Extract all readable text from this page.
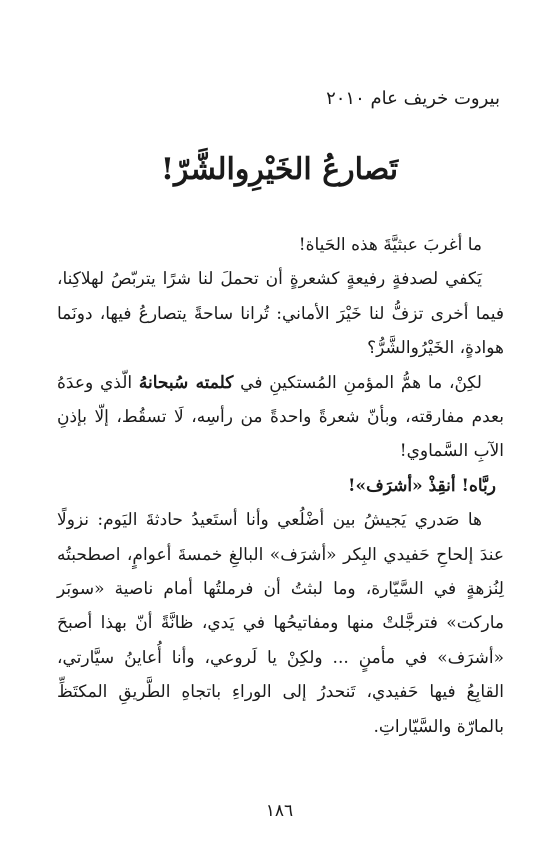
بيروت خريف عام ٢٠١٠
تَصارعُ الخَيْرِوالشَّرّ!

ما أغربَ عبثيَّةَ هذه الحَياة!

يَكفي لصدفةٍ رفيعةٍ كشعرةٍ أن تحملَ لنا شرًا يتربّصُ لهلاكِنا، فيما أخرى تزفُّ لنا خَيْرَ الأماني: تُرانا ساحةً يتصارعُ فيها، دونَما هوادةٍ، الخَيْرُوالشَّرُّ؟

لكِنْ، ما همُّ المؤمنِ المُستكينِ في كلمته سُبحانهُ الّذي وعدَهُ بعدم مفارقته، وبأنّ شعرةً واحدةً من رأسِه، لَا تسقُط، إلّا بإذنِ الآبِ السَّماوي!

ربَّاه! أنقِذْ «أشرَف»!

ها صَدري يَجيشُ بين أضْلُعي وأنا أستَعيدُ حادثةَ اليَوم: نزولًا عندَ إلحاحِ حَفيدي البِكر «أشرَف» البالغِ خمسةَ أعوامٍ، اصطحبتُه لِنُزهةٍ في السَّيّارة، وما لبثتُ أن فرملتُها أمام ناصية «سوبَر ماركت» فترجَّلتْ منها ومفاتيحُها في يَدي، ظانَّةً أنّ بهذا أصبحَ «أشرَف» في مأمنٍ ... ولكِنْ يا لَروعي، وأنا أُعاينُ سيَّارتي، القابِعُ فيها حَفيدي، تَنحدرُ إلى الوراءِ باتجاهِ الطَّريقِ المكتَظِّ بالمارّة والسَّيّاراتِ.

١٨٦
